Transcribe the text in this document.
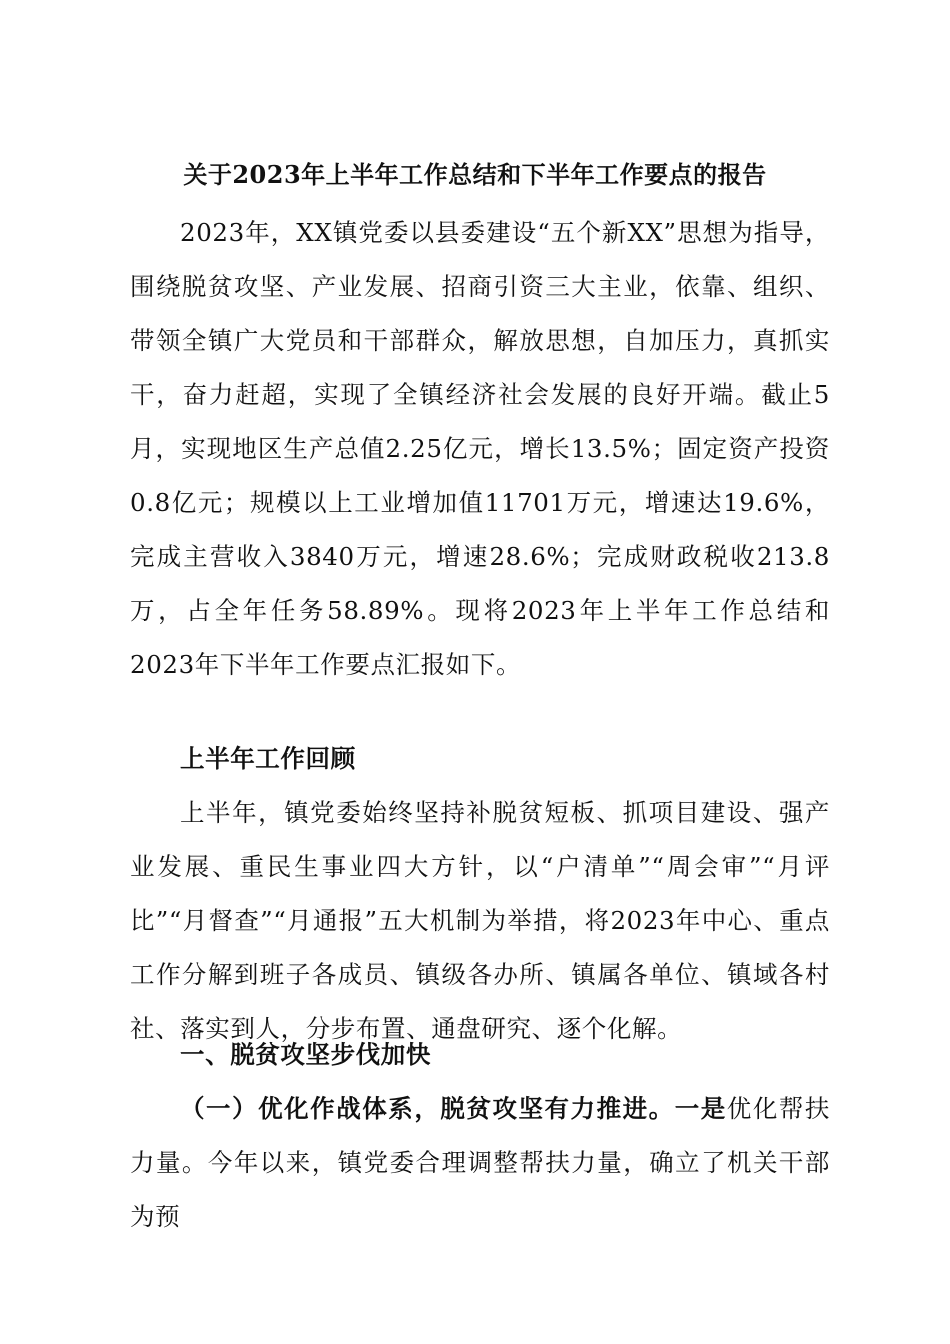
关于2023年上半年工作总结和下半年工作要点的报告

2023年，XX镇党委以县委建设“五个新XX”思想为指导，围绕脱贫攻坚、产业发展、招商引资三大主业，依靠、组织、带领全镇广大党员和干部群众，解放思想，自加压力，真抓实干，奋力赶超，实现了全镇经济社会发展的良好开端。截止5月，实现地区生产总值2.25亿元，增长13.5%；固定资产投资0.8亿元；规模以上工业增加值11701万元，增速达19.6%，完成主营收入3840万元，增速28.6%；完成财政税收213.8万，占全年任务58.89%。现将2023年上半年工作总结和2023年下半年工作要点汇报如下。

上半年工作回顾

上半年，镇党委始终坚持补脱贫短板、抓项目建设、强产业发展、重民生事业四大方针，以“户清单”“周会审”“月评比”“月督查”“月通报”五大机制为举措，将2023年中心、重点工作分解到班子各成员、镇级各办所、镇属各单位、镇域各村社、落实到人，分步布置、通盘研究、逐个化解。

一、脱贫攻坚步伐加快

（一）优化作战体系，脱贫攻坚有力推进。一是优化帮扶力量。今年以来，镇党委合理调整帮扶力量，确立了机关干部为预
